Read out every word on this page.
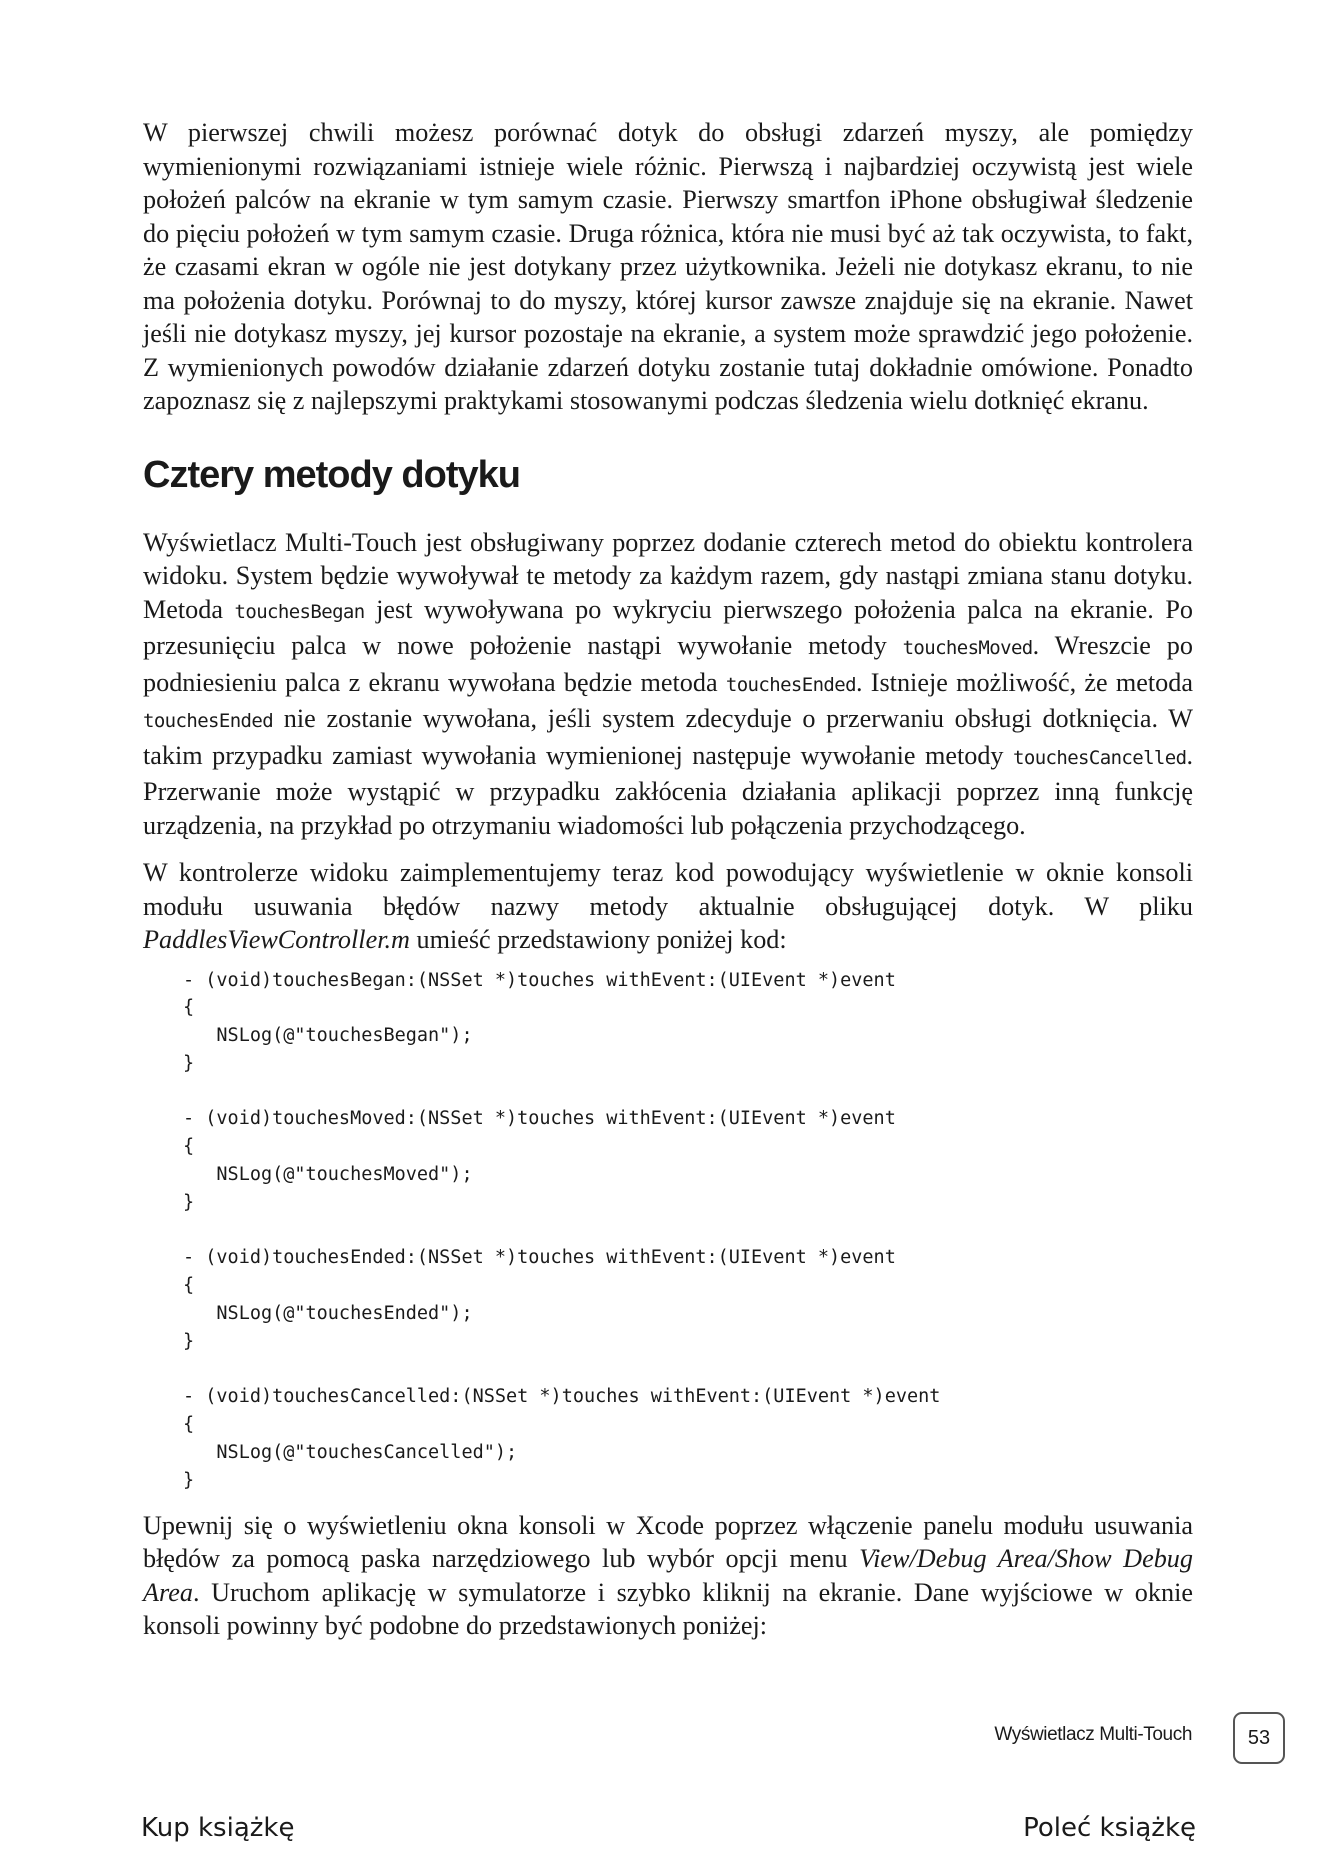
W pierwszej chwili możesz porównać dotyk do obsługi zdarzeń myszy, ale pomiędzy wymienionymi rozwiązaniami istnieje wiele różnic. Pierwszą i najbardziej oczywistą jest wiele położeń palców na ekranie w tym samym czasie. Pierwszy smartfon iPhone obsługiwał śledzenie do pięciu położeń w tym samym czasie. Druga różnica, która nie musi być aż tak oczywista, to fakt, że czasami ekran w ogóle nie jest dotykany przez użytkownika. Jeżeli nie dotykasz ekranu, to nie ma położenia dotyku. Porównaj to do myszy, której kursor zawsze znajduje się na ekranie. Nawet jeśli nie dotykasz myszy, jej kursor pozostaje na ekranie, a system może sprawdzić jego położenie. Z wymienionych powodów działanie zdarzeń dotyku zostanie tutaj dokładnie omówione. Ponadto zapoznasz się z najlepszymi praktykami stosowanymi podczas śledzenia wielu dotknięć ekranu.

Cztery metody dotyku

Wyświetlacz Multi-Touch jest obsługiwany poprzez dodanie czterech metod do obiektu kontrolera widoku. System będzie wywoływał te metody za każdym razem, gdy nastąpi zmiana stanu dotyku. Metoda touchesBegan jest wywoływana po wykryciu pierwszego położenia palca na ekranie. Po przesunięciu palca w nowe położenie nastąpi wywołanie metody touchesMoved. Wreszcie po podniesieniu palca z ekranu wywołana będzie metoda touchesEnded. Istnieje możliwość, że metoda touchesEnded nie zostanie wywołana, jeśli system zdecyduje o przerwaniu obsługi dotknięcia. W takim przypadku zamiast wywołania wymienionej następuje wywołanie metody touchesCancelled. Przerwanie może wystąpić w przypadku zakłócenia działania aplikacji poprzez inną funkcję urządzenia, na przykład po otrzymaniu wiadomości lub połączenia przychodzącego.

W kontrolerze widoku zaimplementujemy teraz kod powodujący wyświetlenie w oknie konsoli modułu usuwania błędów nazwy metody aktualnie obsługującej dotyk. W pliku PaddlesViewController.m umieść przedstawiony poniżej kod:

- (void)touchesBegan:(NSSet *)touches withEvent:(UIEvent *)event
{
NSLog(@"touchesBegan");
}
- (void)touchesMoved:(NSSet *)touches withEvent:(UIEvent *)event
{
NSLog(@"touchesMoved");
}
- (void)touchesEnded:(NSSet *)touches withEvent:(UIEvent *)event
{
NSLog(@"touchesEnded");
}
- (void)touchesCancelled:(NSSet *)touches withEvent:(UIEvent *)event
{
NSLog(@"touchesCancelled");
}

Upewnij się o wyświetleniu okna konsoli w Xcode poprzez włączenie panelu modułu usuwania błędów za pomocą paska narzędziowego lub wybór opcji menu View/Debug Area/Show Debug Area. Uruchom aplikację w symulatorze i szybko kliknij na ekranie. Dane wyjściowe w oknie konsoli powinny być podobne do przedstawionych poniżej:

Wyświetlacz Multi-Touch	53
Kup książkę	Poleć książkę
